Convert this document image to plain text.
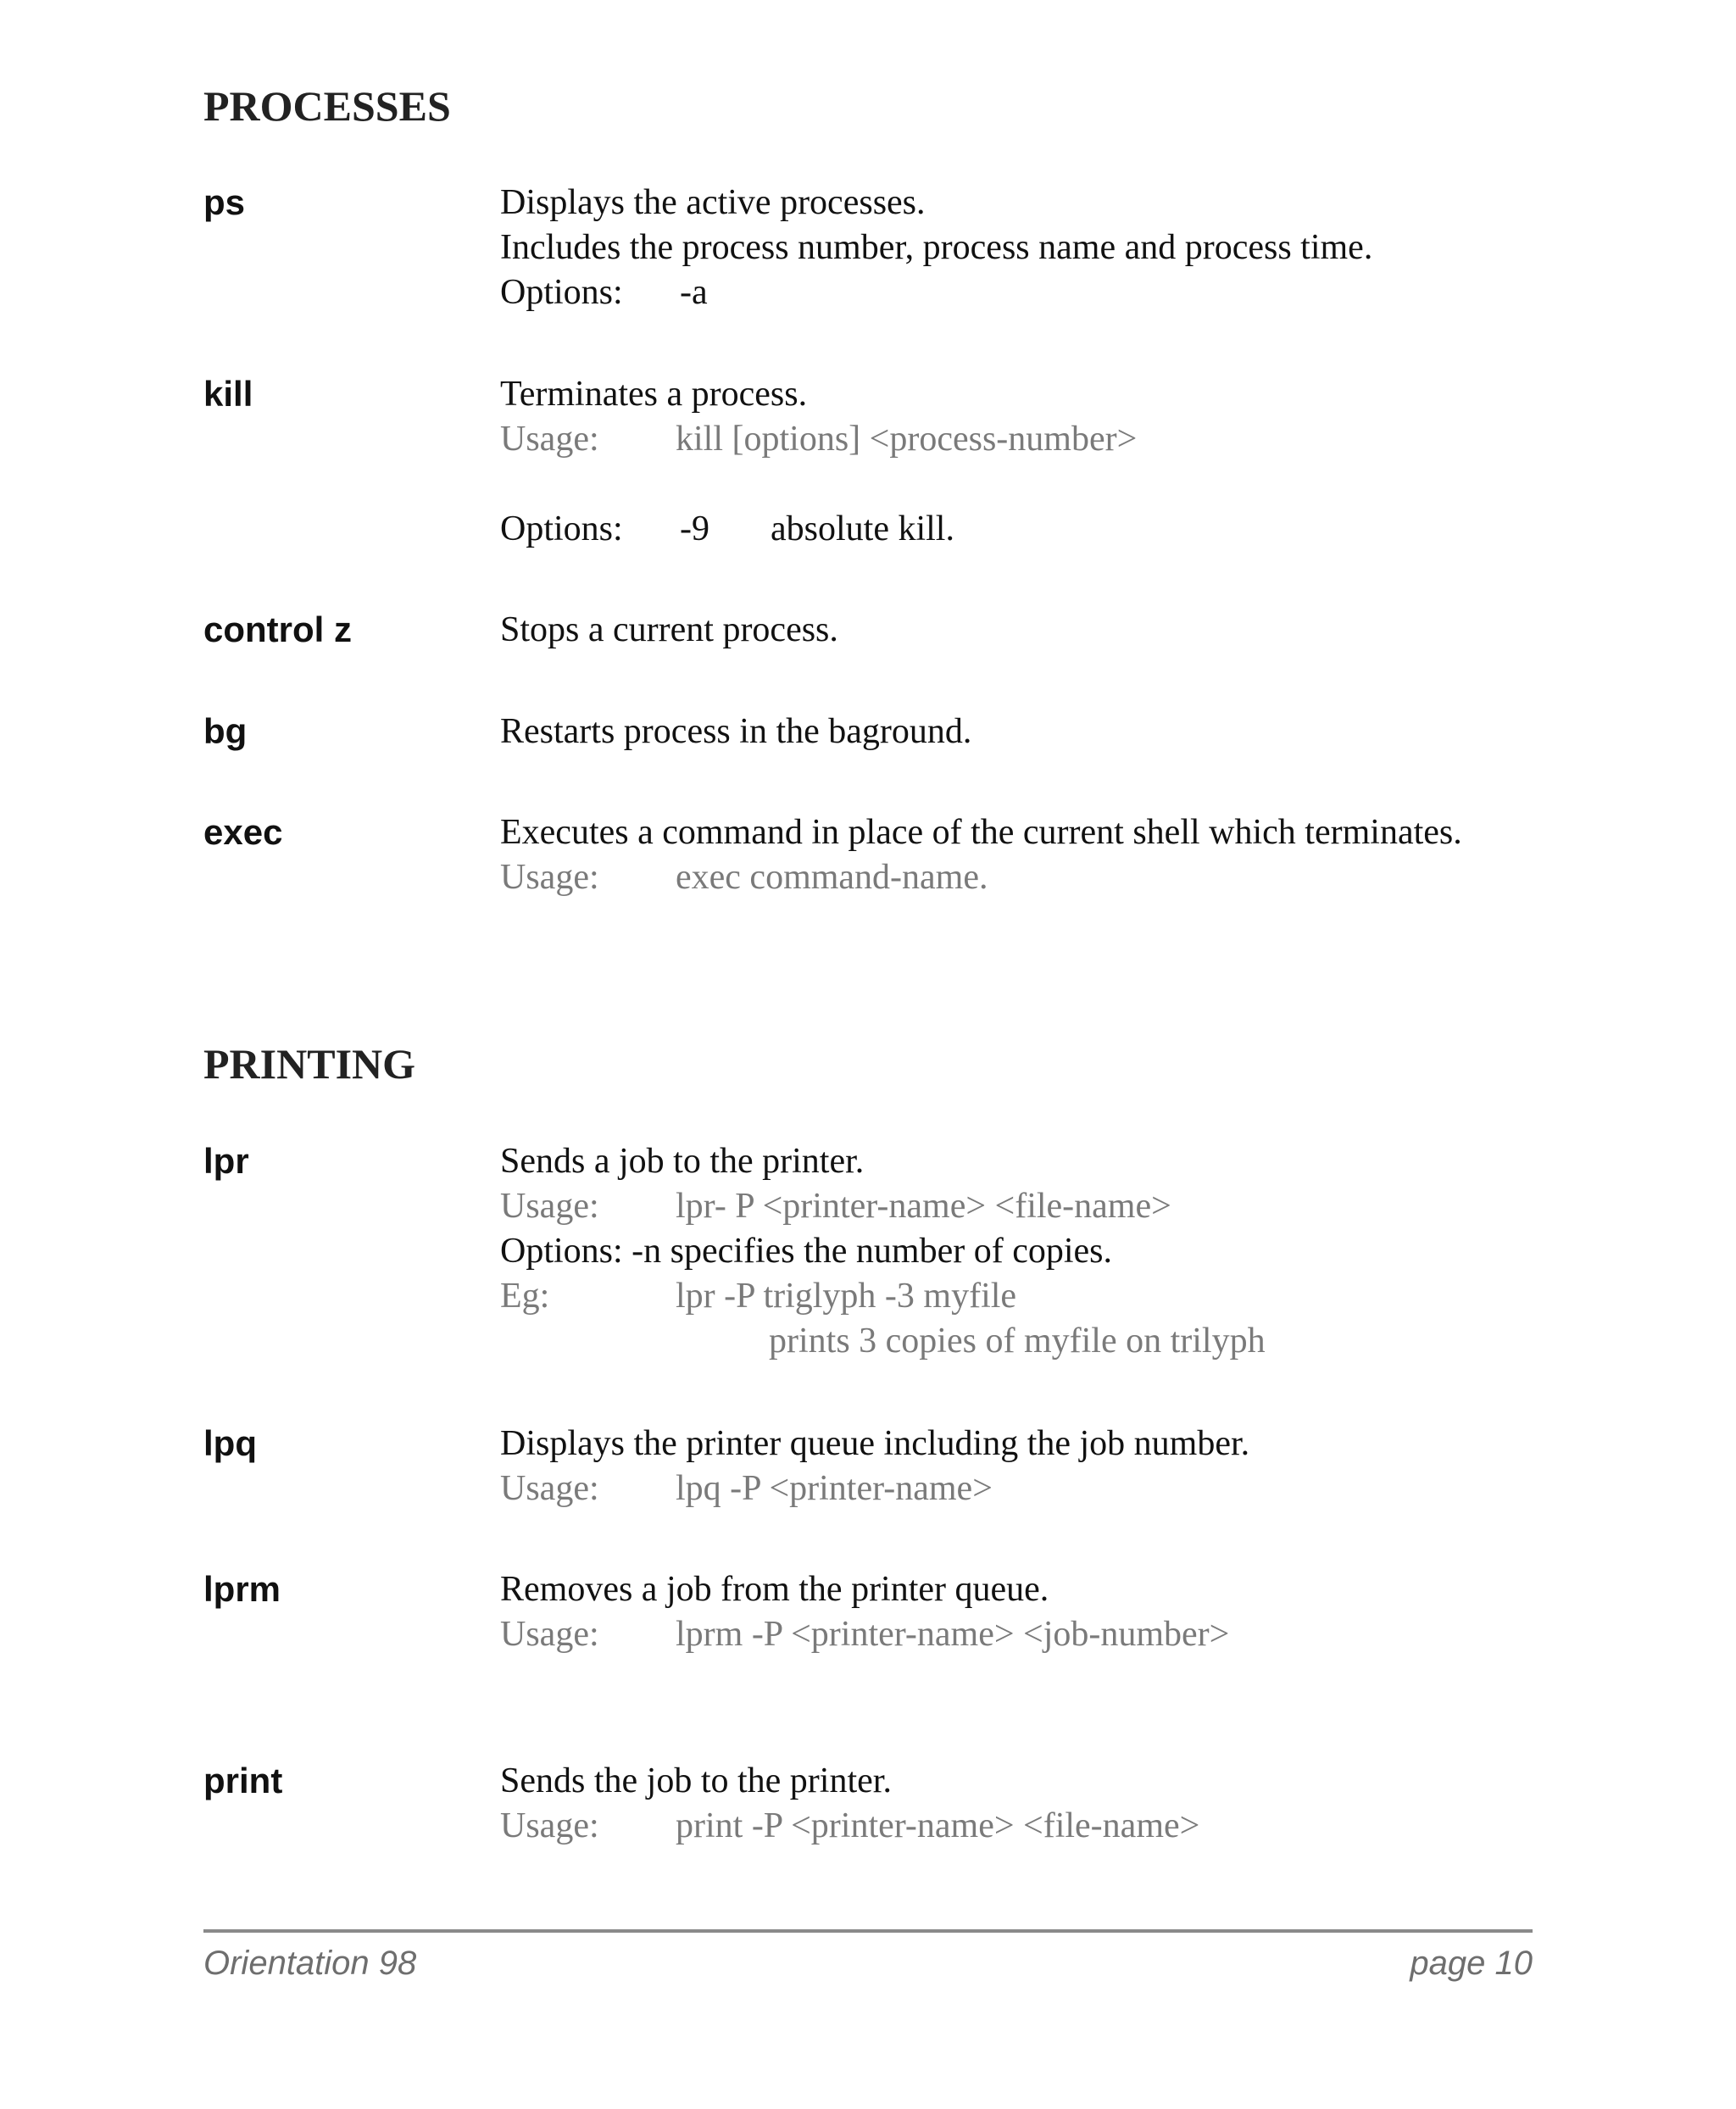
PROCESSES
ps	Displays the active processes.
Includes the process number, process name and process time.
Options: -a
kill	Terminates a process.
Usage: kill [options] <process-number>
Options: -9 absolute kill.
control z	Stops a current process.
bg	Restarts process in the baground.
exec	Executes a command in place of the current shell which terminates.
Usage: exec command-name.
PRINTING
lpr	Sends a job to the printer.
Usage: lpr- P <printer-name> <file-name>
Options: -n specifies the number of copies.
Eg:	lpr -P triglyph -3 myfile
prints 3 copies of myfile on trilyph
lpq	Displays the printer queue including the job number.
Usage: lpq -P <printer-name>
lprm	Removes a job from the printer queue.
Usage: lprm -P <printer-name> <job-number>
print	Sends the job to the printer.
Usage: print -P <printer-name> <file-name>
Orientation 98	page 10
